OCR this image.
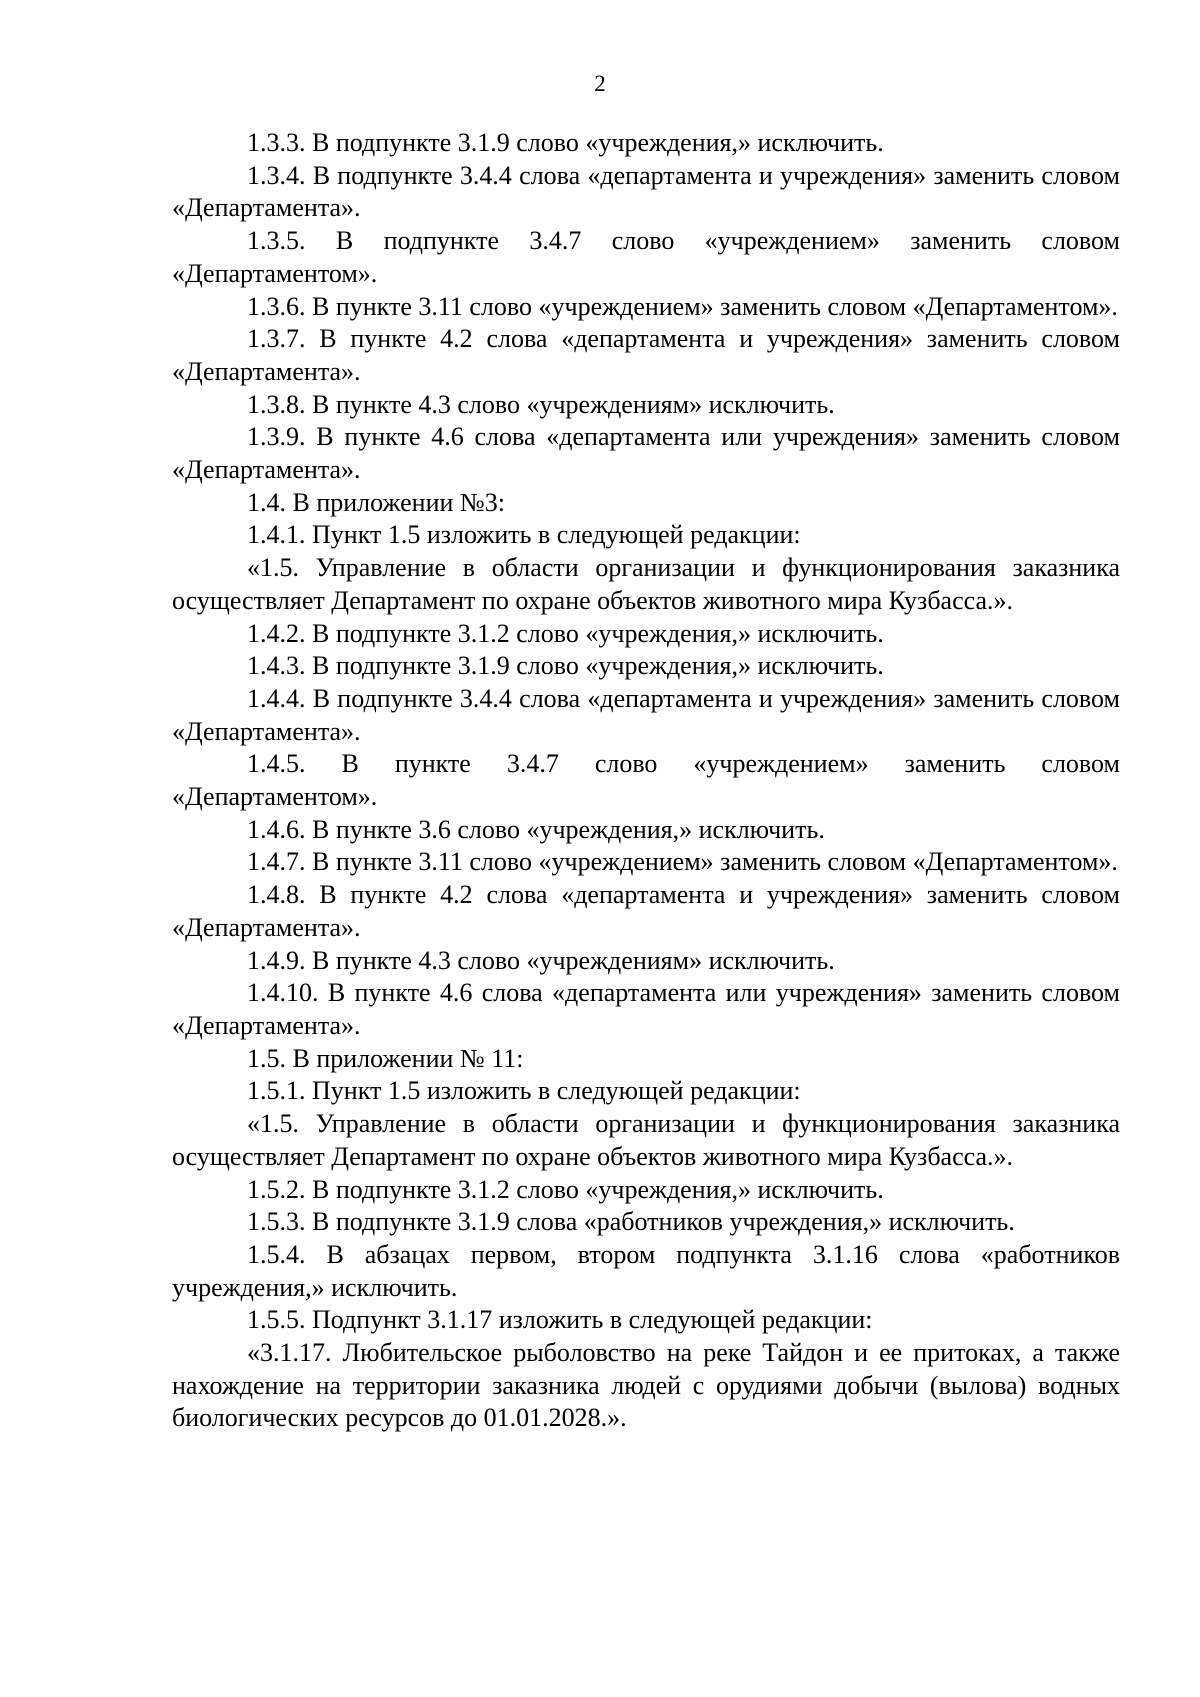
2

1.3.3. В подпункте 3.1.9 слово «учреждения,» исключить.

1.3.4. В подпункте 3.4.4 слова «департамента и учреждения» заменить словом «Департамента».

1.3.5. В подпункте 3.4.7 слово «учреждением» заменить словом «Департаментом».

1.3.6. В пункте 3.11 слово «учреждением» заменить словом «Департаментом».

1.3.7. В пункте 4.2 слова «департамента и учреждения» заменить словом «Департамента».

1.3.8. В пункте 4.3 слово «учреждениям» исключить.

1.3.9. В пункте 4.6 слова «департамента или учреждения» заменить словом «Департамента».

1.4. В приложении №3:

1.4.1. Пункт 1.5 изложить в следующей редакции:

«1.5. Управление в области организации и функционирования заказника осуществляет Департамент по охране объектов животного мира Кузбасса.».

1.4.2. В подпункте 3.1.2 слово «учреждения,» исключить.

1.4.3. В подпункте 3.1.9 слово «учреждения,» исключить.

1.4.4. В подпункте 3.4.4 слова «департамента и учреждения» заменить словом «Департамента».

1.4.5. В пункте 3.4.7 слово «учреждением» заменить словом «Департаментом».

1.4.6. В пункте 3.6 слово «учреждения,» исключить.

1.4.7. В пункте 3.11 слово «учреждением» заменить словом «Департаментом».

1.4.8. В пункте 4.2 слова «департамента и учреждения» заменить словом «Департамента».

1.4.9. В пункте 4.3 слово «учреждениям» исключить.

1.4.10. В пункте 4.6 слова «департамента или учреждения» заменить словом «Департамента».

1.5. В приложении № 11:

1.5.1. Пункт 1.5 изложить в следующей редакции:

«1.5. Управление в области организации и функционирования заказника осуществляет Департамент по охране объектов животного мира Кузбасса.».

1.5.2. В подпункте 3.1.2 слово «учреждения,» исключить.

1.5.3. В подпункте 3.1.9 слова «работников учреждения,» исключить.

1.5.4. В абзацах первом, втором подпункта 3.1.16 слова «работников учреждения,» исключить.

1.5.5. Подпункт 3.1.17 изложить в следующей редакции:

«3.1.17. Любительское рыболовство на реке Тайдон и ее притоках, а также нахождение на территории заказника людей с орудиями добычи (вылова) водных биологических ресурсов до 01.01.2028.».
